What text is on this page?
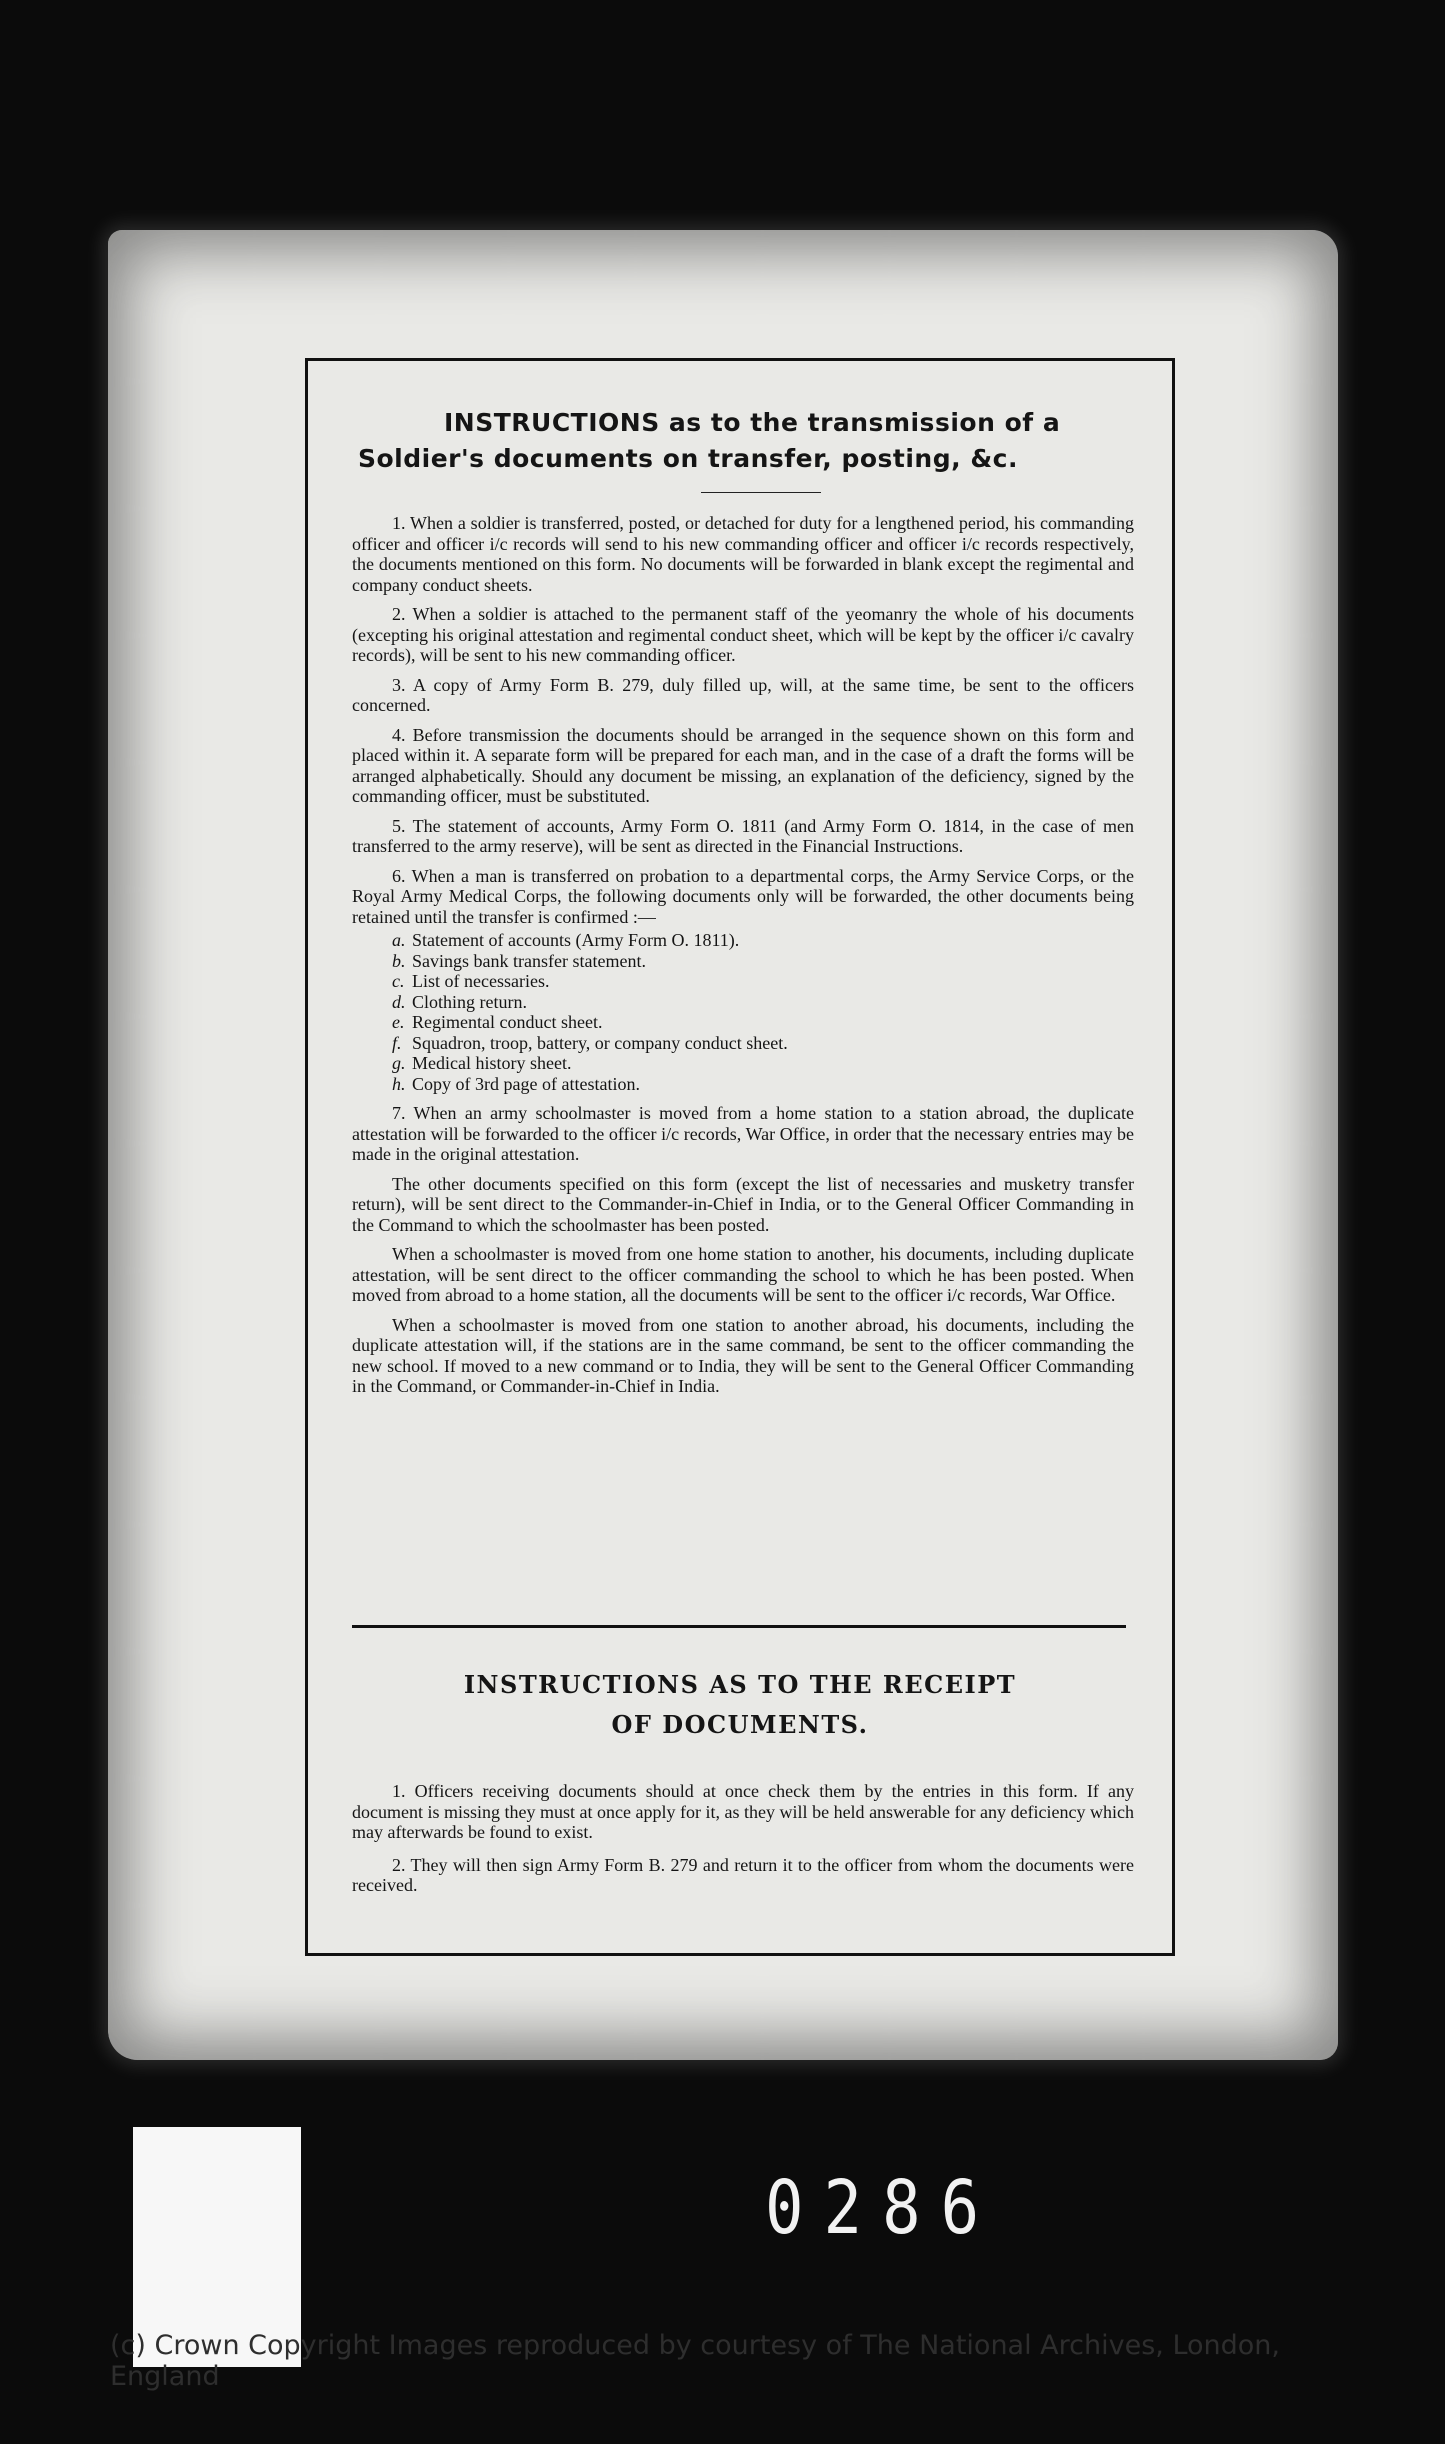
INSTRUCTIONS as to the transmission of a
Soldier's documents on transfer, posting, &c.

1. When a soldier is transferred, posted, or detached for duty for a lengthened period, his commanding officer and officer i/c records will send to his new commanding officer and officer i/c records respectively, the documents mentioned on this form. No documents will be forwarded in blank except the regimental and company conduct sheets.

2. When a soldier is attached to the permanent staff of the yeomanry the whole of his documents (excepting his original attestation and regimental conduct sheet, which will be kept by the officer i/c cavalry records), will be sent to his new commanding officer.

3. A copy of Army Form B. 279, duly filled up, will, at the same time, be sent to the officers concerned.

4. Before transmission the documents should be arranged in the sequence shown on this form and placed within it. A separate form will be prepared for each man, and in the case of a draft the forms will be arranged alphabetically. Should any document be missing, an explanation of the deficiency, signed by the commanding officer, must be substituted.

5. The statement of accounts, Army Form O. 1811 (and Army Form O. 1814, in the case of men transferred to the army reserve), will be sent as directed in the Financial Instructions.

6. When a man is transferred on probation to a departmental corps, the Army Service Corps, or the Royal Army Medical Corps, the following documents only will be forwarded, the other documents being retained until the transfer is confirmed :—

a. Statement of accounts (Army Form O. 1811).
b. Savings bank transfer statement.
c. List of necessaries.
d. Clothing return.
e. Regimental conduct sheet.
f. Squadron, troop, battery, or company conduct sheet.
g. Medical history sheet.
h. Copy of 3rd page of attestation.

7. When an army schoolmaster is moved from a home station to a station abroad, the duplicate attestation will be forwarded to the officer i/c records, War Office, in order that the necessary entries may be made in the original attestation.

The other documents specified on this form (except the list of necessaries and musketry transfer return), will be sent direct to the Commander-in-Chief in India, or to the General Officer Commanding in the Command to which the schoolmaster has been posted.

When a schoolmaster is moved from one home station to another, his documents, including duplicate attestation, will be sent direct to the officer commanding the school to which he has been posted. When moved from abroad to a home station, all the documents will be sent to the officer i/c records, War Office.

When a schoolmaster is moved from one station to another abroad, his documents, including the duplicate attestation will, if the stations are in the same command, be sent to the officer commanding the new school. If moved to a new command or to India, they will be sent to the General Officer Commanding in the Command, or Commander-in-Chief in India.

INSTRUCTIONS AS TO THE RECEIPT
OF DOCUMENTS.

1. Officers receiving documents should at once check them by the entries in this form. If any document is missing they must at once apply for it, as they will be held answerable for any deficiency which may afterwards be found to exist.

2. They will then sign Army Form B. 279 and return it to the officer from whom the documents were received.

0286
(c) Crown Copyright Images reproduced by courtesy of The National Archives, London, England
